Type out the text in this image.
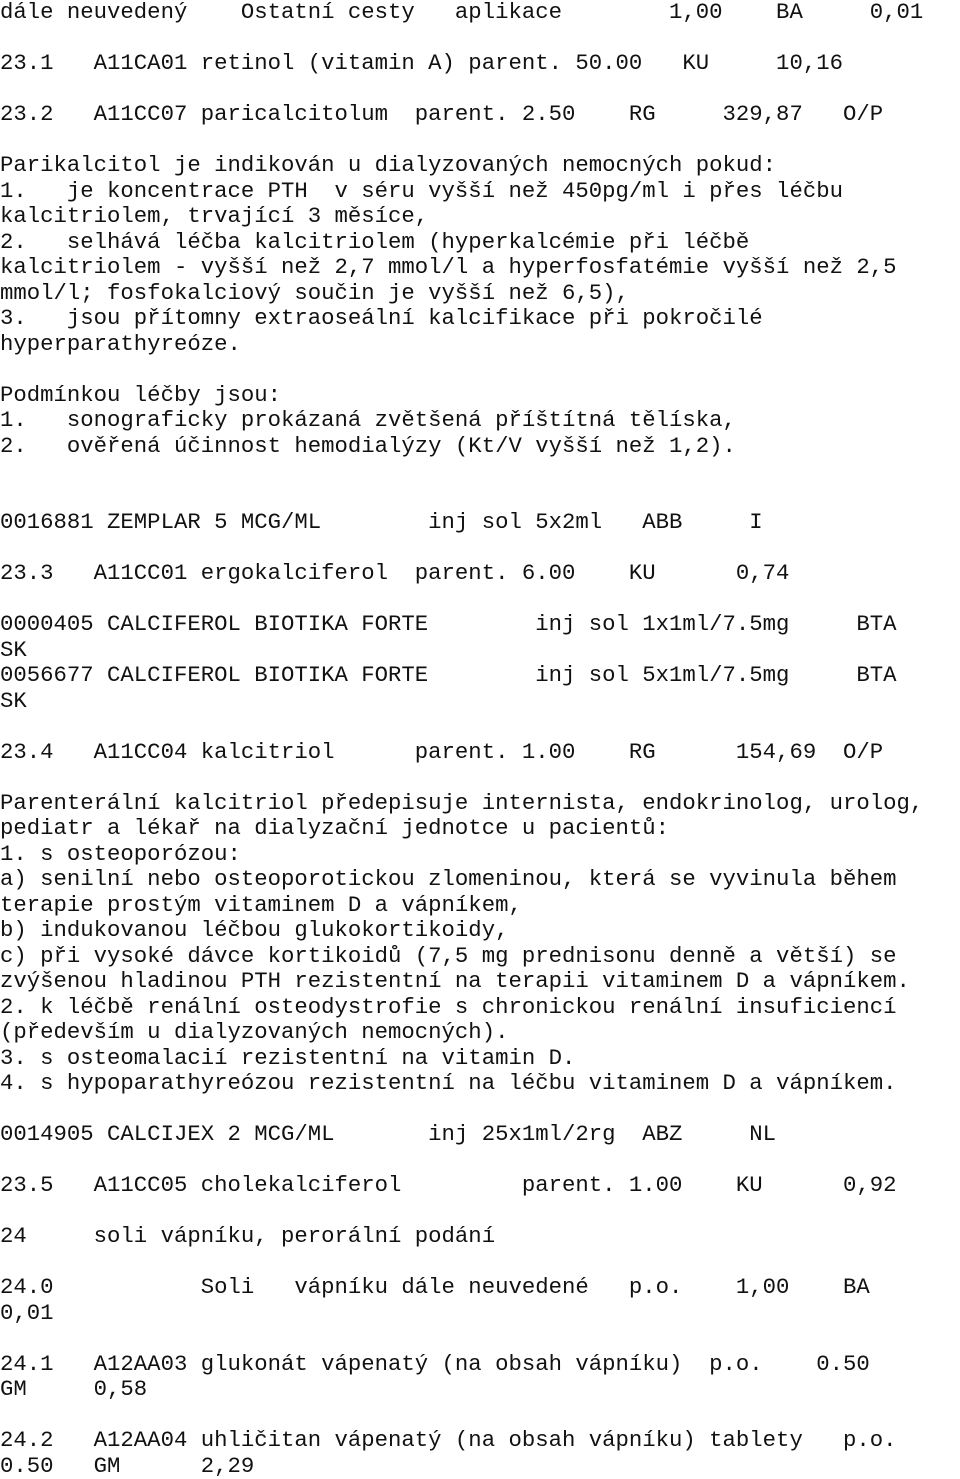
dále neuvedený    Ostatní cesty   aplikace        1,00    BA     0,01
23.1   A11CA01 retinol (vitamin A) parent. 50.00   KU     10,16
23.2   A11CC07 paricalcitolum  parent. 2.50    RG     329,87   O/P
Parikalcitol je indikován u dialyzovaných nemocných pokud:
1.   je koncentrace PTH  v séru vyšší než 450pg/ml i přes léčbu
kalcitriolem, trvající 3 měsíce,
2.   selhává léčba kalcitriolem (hyperkalcémie při léčbě
kalcitriolem - vyšší než 2,7 mmol/l a hyperfosfatémie vyšší než 2,5
mmol/l; fosfokalciový součin je vyšší než 6,5),
3.   jsou přítomny extraoseální kalcifikace při pokročilé
hyperparathyreóze.
Podmínkou léčby jsou:
1.   sonograficky prokázaná zvětšená příštítná tělíska,
2.   ověřená účinnost hemodialýzy (Kt/V vyšší než 1,2).
0016881 ZEMPLAR 5 MCG/ML        inj sol 5x2ml   ABB     I
23.3   A11CC01 ergokalciferol  parent. 6.00    KU      0,74
0000405 CALCIFEROL BIOTIKA FORTE        inj sol 1x1ml/7.5mg     BTA
SK
0056677 CALCIFEROL BIOTIKA FORTE        inj sol 5x1ml/7.5mg     BTA
SK
23.4   A11CC04 kalcitriol      parent. 1.00    RG      154,69  O/P
Parenterální kalcitriol předepisuje internista, endokrinolog, urolog,
pediatr a lékař na dialyzační jednotce u pacientů:
1. s osteoporózou:
a) senilní nebo osteoporotickou zlomeninou, která se vyvinula během
terapie prostým vitaminem D a vápníkem,
b) indukovanou léčbou glukokortikoidy,
c) při vysoké dávce kortikoidů (7,5 mg prednisonu denně a větší) se
zvýšenou hladinou PTH rezistentní na terapii vitaminem D a vápníkem.
2. k léčbě renální osteodystrofie s chronickou renální insuficiencí
(především u dialyzovaných nemocných).
3. s osteomalacií rezistentní na vitamin D.
4. s hypoparathyreózou rezistentní na léčbu vitaminem D a vápníkem.
0014905 CALCIJEX 2 MCG/ML       inj 25x1ml/2rg  ABZ     NL
23.5   A11CC05 cholekalciferol         parent. 1.00    KU      0,92
24     soli vápníku, perorální podání
24.0           Soli   vápníku dále neuvedené   p.o.    1,00    BA
0,01
24.1   A12AA03 glukonát vápenatý (na obsah vápníku)  p.o.    0.50
GM     0,58
24.2   A12AA04 uhličitan vápenatý (na obsah vápníku) tablety   p.o.
0.50   GM      2,29
